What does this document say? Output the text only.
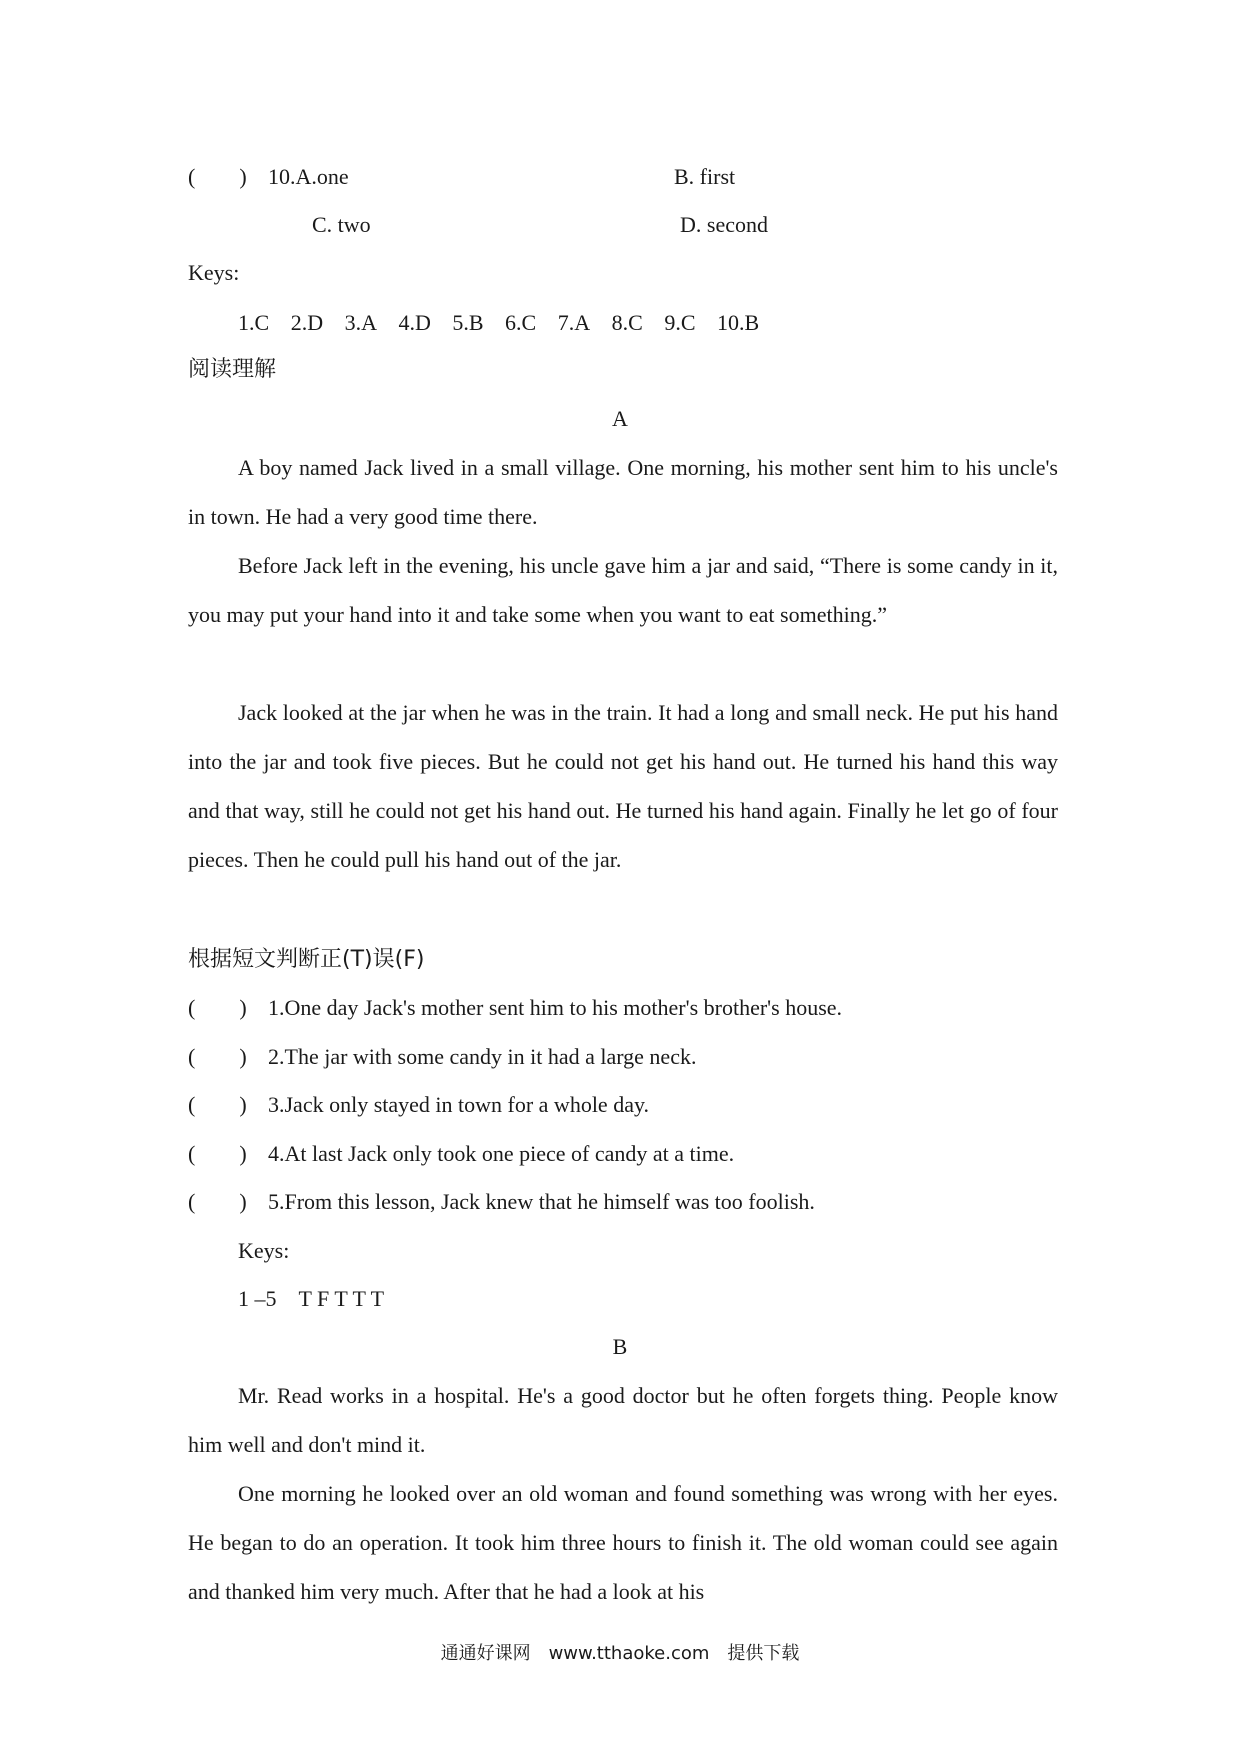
(　　) 10.A.one	B. first
C. two	D. second
Keys:
1.C 2.D 3.A 4.D 5.B 6.C 7.A 8.C 9.C 10.B
阅读理解
A

A boy named Jack lived in a small village. One morning, his mother sent him to his uncle's in town. He had a very good time there.

Before Jack left in the evening, his uncle gave him a jar and said, “There is some candy in it, you may put your hand into it and take some when you want to eat something.”

Jack looked at the jar when he was in the train. It had a long and small neck. He put his hand into the jar and took five pieces. But he could not get his hand out. He turned his hand this way and that way, still he could not get his hand out. He turned his hand again. Finally he let go of four pieces. Then he could pull his hand out of the jar.

根据短文判断正(T)误(F)
(　　) 1.One day Jack's mother sent him to his mother's brother's house.
(　　) 2.The jar with some candy in it had a large neck.
(　　) 3.Jack only stayed in town for a whole day.
(　　) 4.At last Jack only took one piece of candy at a time.
(　　) 5.From this lesson, Jack knew that he himself was too foolish.
Keys:
1 –5　T F T T T
B

Mr. Read works in a hospital. He's a good doctor but he often forgets thing. People know him well and don't mind it.

One morning he looked over an old woman and found something was wrong with her eyes. He began to do an operation. It took him three hours to finish it. The old woman could see again and thanked him very much. After that he had a look at his

通通好课网　www.tthaoke.com　提供下载
